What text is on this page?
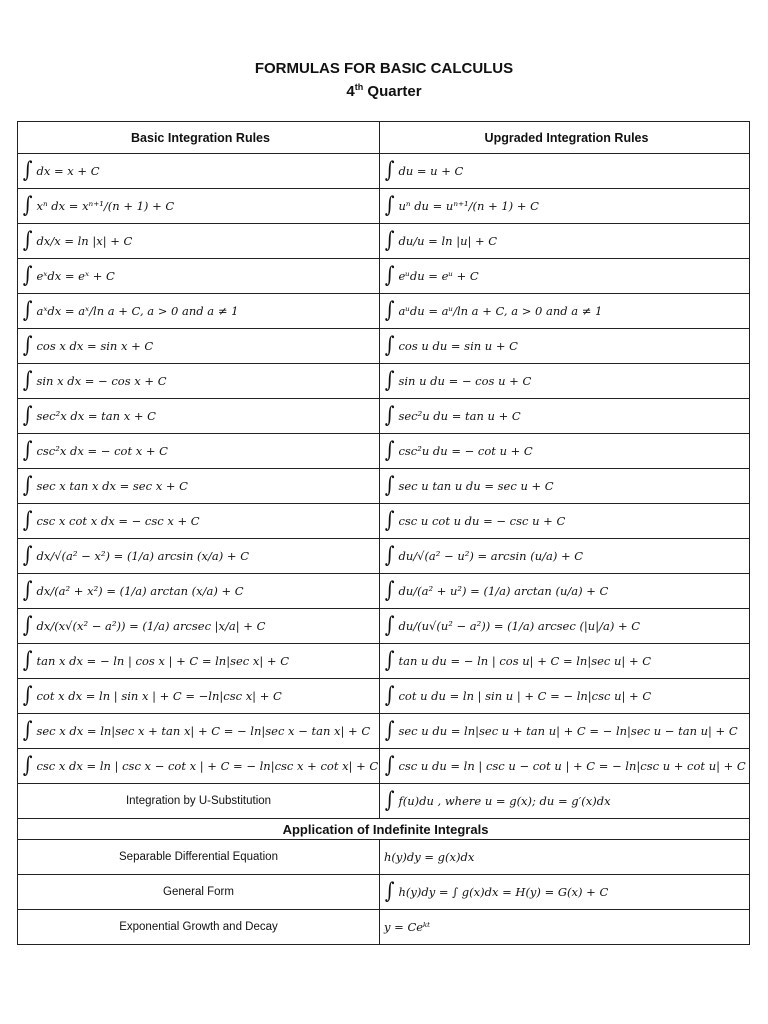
FORMULAS FOR BASIC CALCULUS
4th Quarter
Basic Integration Rules	Upgraded Integration Rules

∫ dx = x + C	∫ du = u + C

∫ xⁿ dx = xⁿ⁺¹/(n + 1) + C	∫ uⁿ du = uⁿ⁺¹/(n + 1) + C

∫ dx/x = ln |x| + C	∫ du/u = ln |u| + C

∫ eˣdx = eˣ + C	∫ eᵘdu = eᵘ + C

∫ aˣdx = aˣ/ln a + C, a > 0 and a ≠ 1	∫ aᵘdu = aᵘ/ln a + C, a > 0 and a ≠ 1

∫ cos x dx = sin x + C	∫ cos u du = sin u + C

∫ sin x dx = − cos x + C	∫ sin u du = − cos u + C

∫ sec²x dx = tan x + C	∫ sec²u du = tan u + C

∫ csc²x dx = − cot x + C	∫ csc²u du = − cot u + C

∫ sec x tan x dx = sec x + C	∫ sec u tan u du = sec u + C

∫ csc x cot x dx = − csc x + C	∫ csc u cot u du = − csc u + C

∫ dx/√(a² − x²) = (1/a) arcsin (x/a) + C	∫ du/√(a² − u²) = arcsin (u/a) + C

∫ dx/(a² + x²) = (1/a) arctan (x/a) + C	∫ du/(a² + u²) = (1/a) arctan (u/a) + C

∫ dx/(x√(x² − a²)) = (1/a) arcsec |x/a| + C	∫ du/(u√(u² − a²)) = (1/a) arcsec (|u|/a) + C

∫ tan x dx = − ln | cos x | + C = ln|sec x| + C	∫ tan u du = − ln | cos u| + C = ln|sec u| + C

∫ cot x dx = ln | sin x | + C = −ln|csc x| + C	∫ cot u du = ln | sin u | + C = − ln|csc u| + C

∫ sec x dx = ln|sec x + tan x| + C = − ln|sec x − tan x| + C	∫ sec u du = ln|sec u + tan u| + C = − ln|sec u − tan u| + C

∫ csc x dx = ln | csc x − cot x | + C = − ln|csc x + cot x| + C	∫ csc u du = ln | csc u − cot u | + C = − ln|csc u + cot u| + C

Integration by U-Substitution	∫ f(u)du , where u = g(x); du = g′(x)dx

Application of Indefinite Integrals	
Separable Differential Equation	h(y)dy = g(x)dx

General Form	∫ h(y)dy = ∫ g(x)dx = H(y) = G(x) + C

Exponential Growth and Decay	y = Ceᵏᵗ
